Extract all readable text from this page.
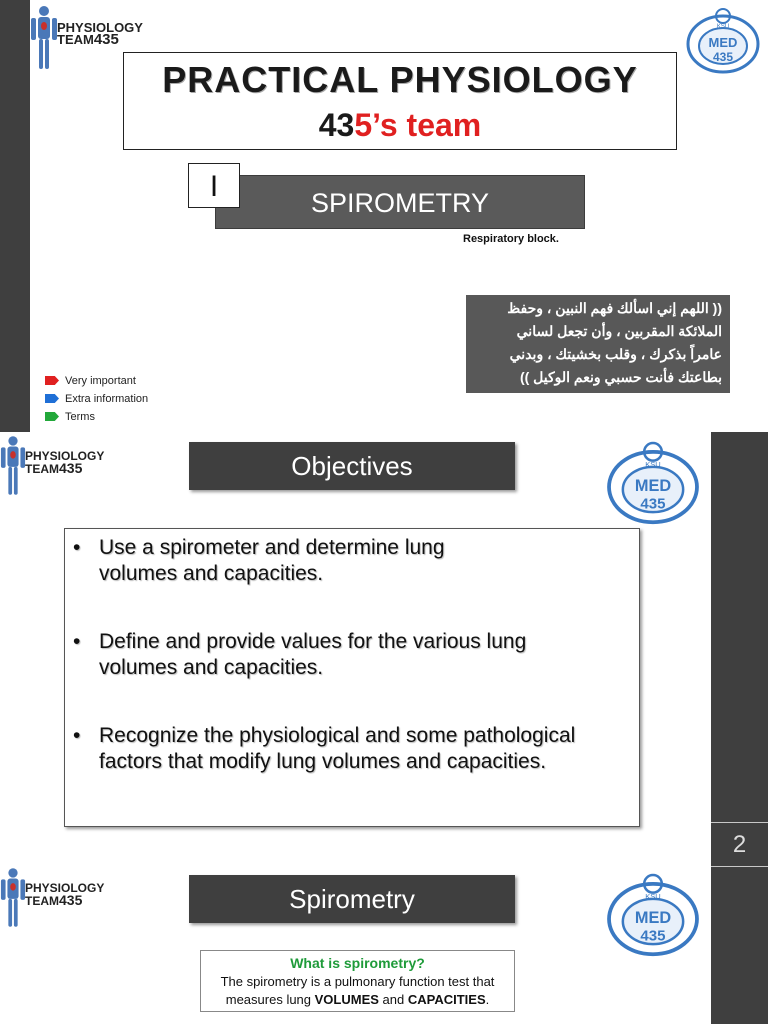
PHYSIOLOGY
TEAM435
KSU
MED
435
PRACTICAL PHYSIOLOGY
435’s team
SPIROMETRY
I
Respiratory block.
(( اللهم إني اسألك فهم النبين ، وحفظ
الملائكة المقربين ، وأن تجعل لساني
عامراً بذكرك ، وقلب بخشيتك ، وبدني
بطاعتك فأنت حسبي ونعم الوكيل ))
Very important
Extra information
Terms
2
PHYSIOLOGY
TEAM435	KSU
MED
435
Objectives
• Use a spirometer and determine lung
volumes and capacities.
• Define and provide values for the various lung
volumes and capacities.
• Recognize the physiological and some pathological
factors that modify lung volumes and capacities.
PHYSIOLOGY
TEAM435	KSU
MED
435
Spirometry
What is spirometry?
The spirometry is a pulmonary function test that
measures lung VOLUMES and CAPACITIES.
